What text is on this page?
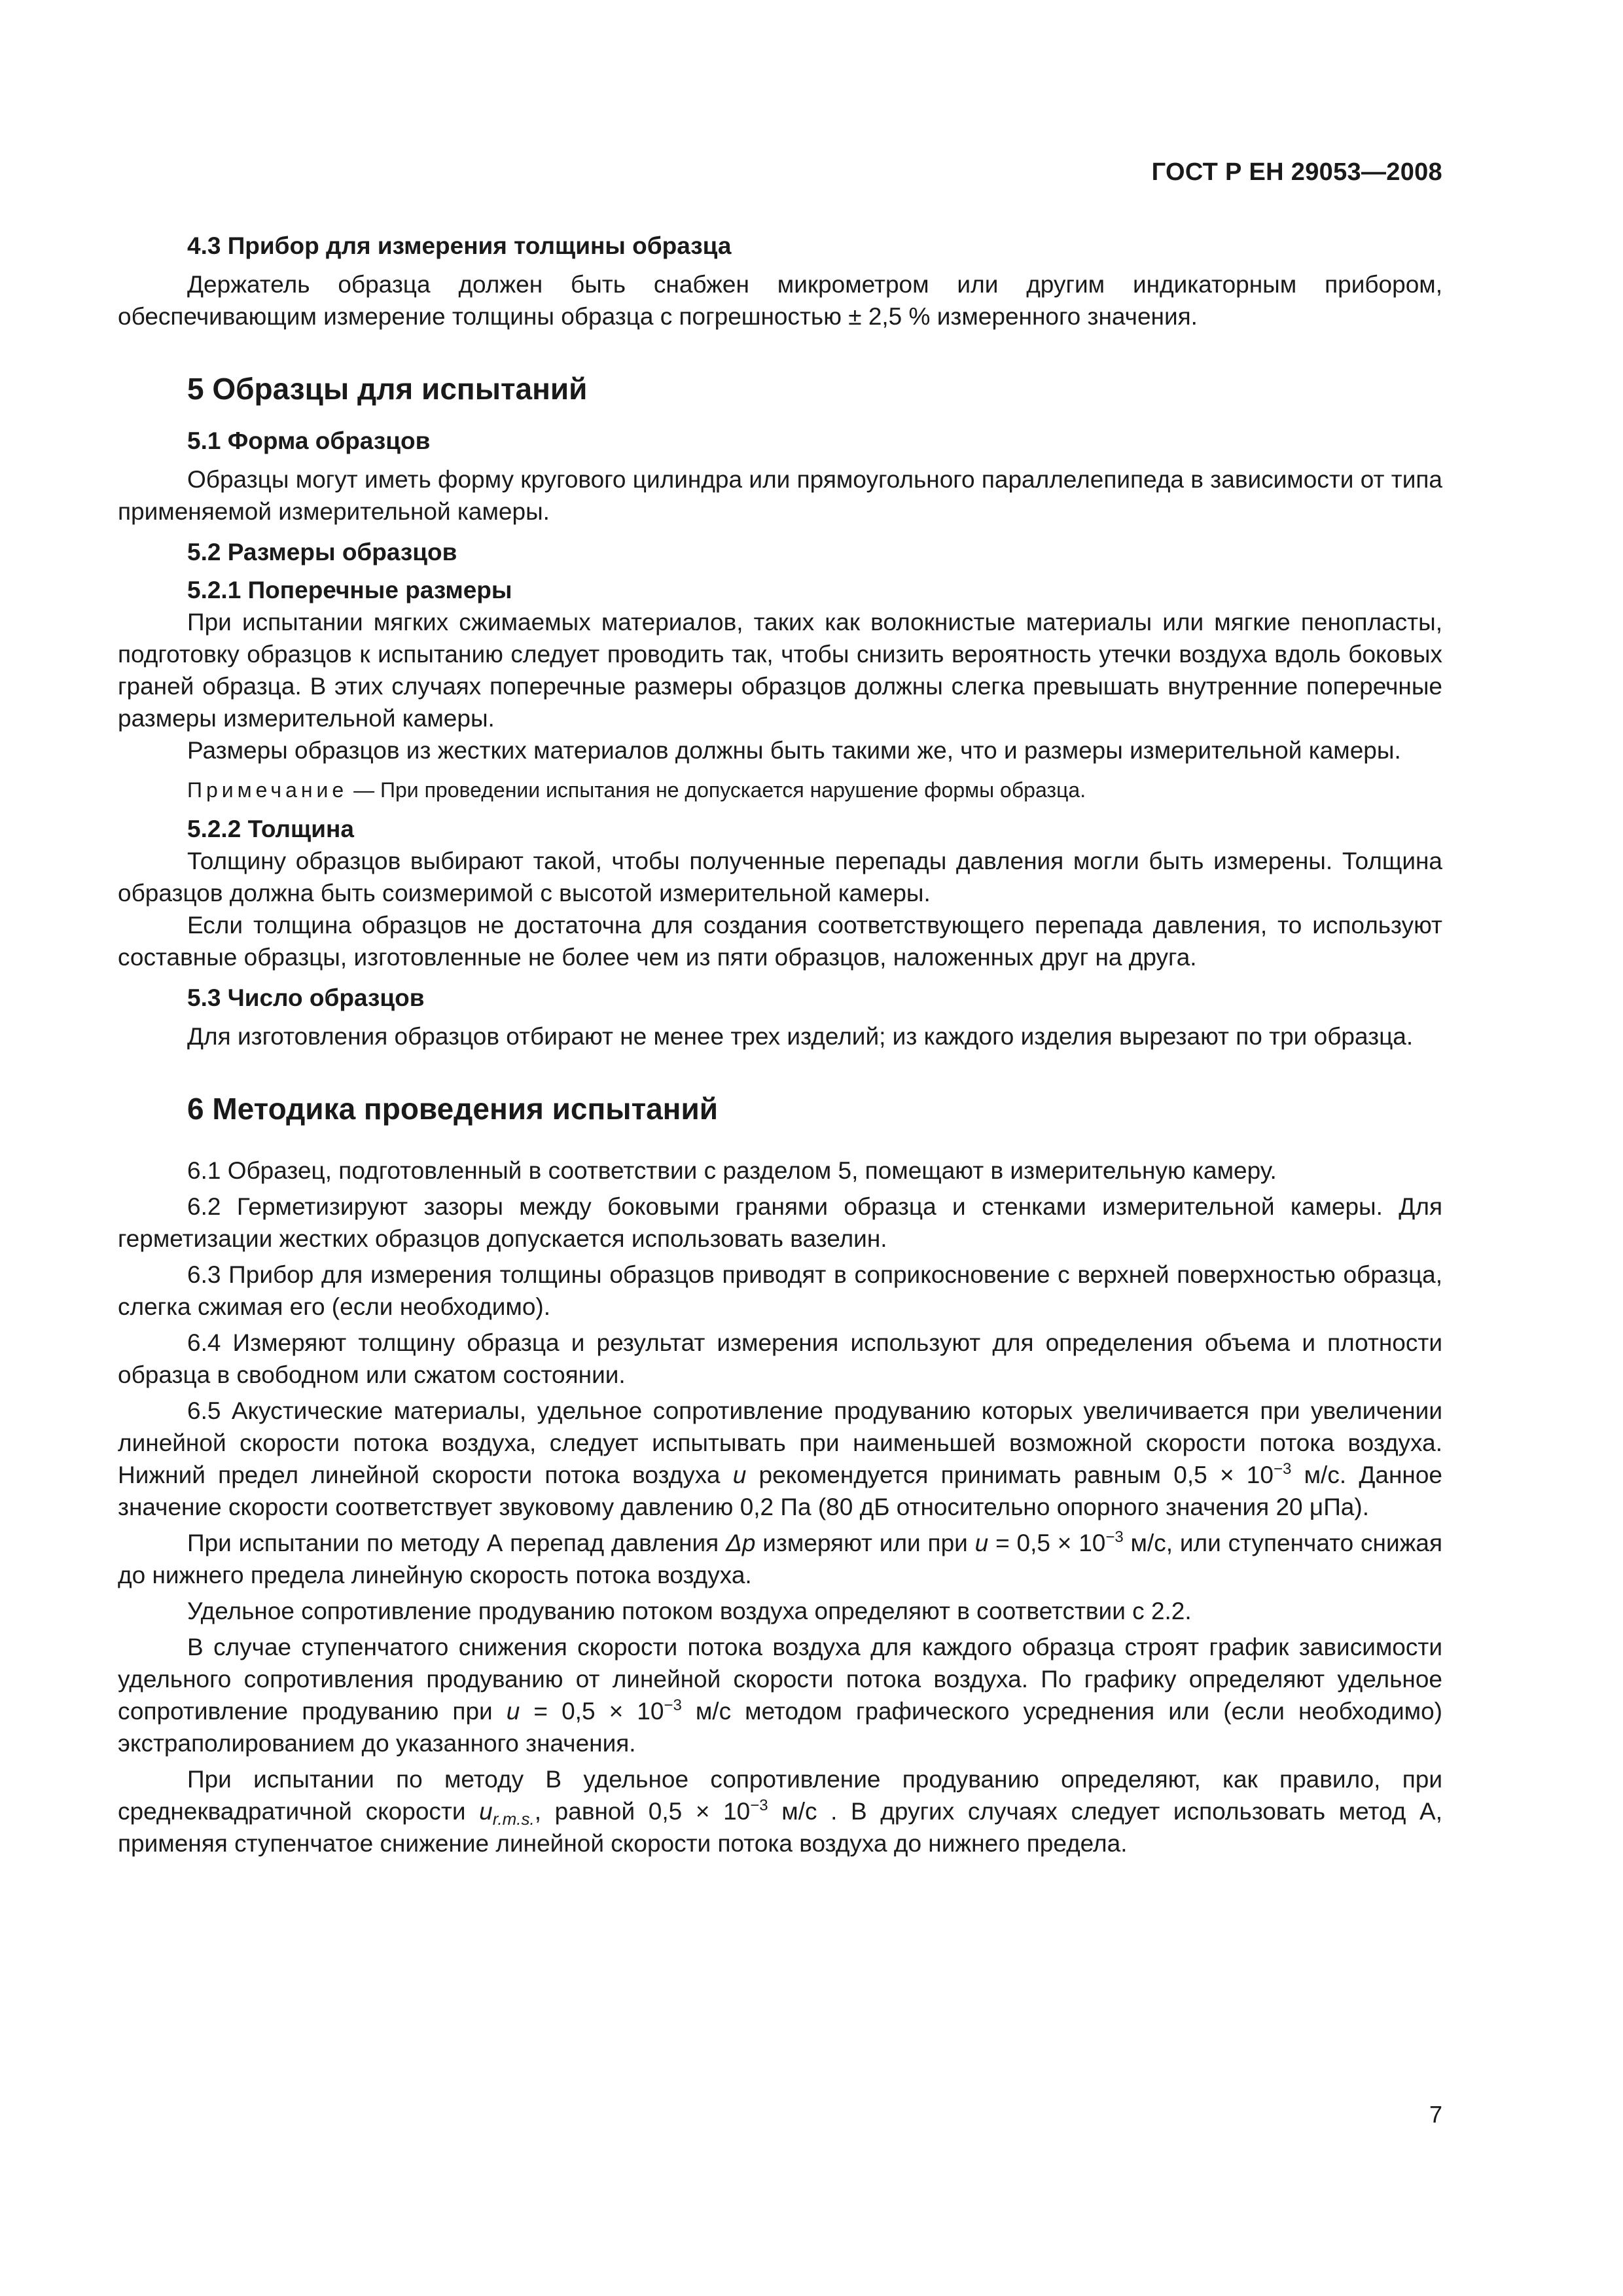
ГОСТ Р ЕН 29053—2008
4.3 Прибор для измерения толщины образца

Держатель образца должен быть снабжен микрометром или другим индикаторным прибором, обеспечивающим измерение толщины образца с погрешностью ± 2,5 % измеренного значения.

5 Образцы для испытаний
5.1 Форма образцов

Образцы могут иметь форму кругового цилиндра или прямоугольного параллелепипеда в зависимости от типа применяемой измерительной камеры.

5.2 Размеры образцов
5.2.1 Поперечные размеры

При испытании мягких сжимаемых материалов, таких как волокнистые материалы или мягкие пенопласты, подготовку образцов к испытанию следует проводить так, чтобы снизить вероятность утечки воздуха вдоль боковых граней образца. В этих случаях поперечные размеры образцов должны слегка превышать внутренние поперечные размеры измерительной камеры.

Размеры образцов из жестких материалов должны быть такими же, что и размеры измерительной камеры.

Примечание — При проведении испытания не допускается нарушение формы образца.

5.2.2 Толщина

Толщину образцов выбирают такой, чтобы полученные перепады давления могли быть измерены. Толщина образцов должна быть соизмеримой с высотой измерительной камеры.

Если толщина образцов не достаточна для создания соответствующего перепада давления, то используют составные образцы, изготовленные не более чем из пяти образцов, наложенных друг на друга.

5.3 Число образцов

Для изготовления образцов отбирают не менее трех изделий; из каждого изделия вырезают по три образца.

6 Методика проведения испытаний

6.1 Образец, подготовленный в соответствии с разделом 5, помещают в измерительную камеру.

6.2 Герметизируют зазоры между боковыми гранями образца и стенками измерительной камеры. Для герметизации жестких образцов допускается использовать вазелин.

6.3 Прибор для измерения толщины образцов приводят в соприкосновение с верхней поверхностью образца, слегка сжимая его (если необходимо).

6.4 Измеряют толщину образца и результат измерения используют для определения объема и плотности образца в свободном или сжатом состоянии.

6.5 Акустические материалы, удельное сопротивление продуванию которых увеличивается при увеличении линейной скорости потока воздуха, следует испытывать при наименьшей возможной скорости потока воздуха. Нижний предел линейной скорости потока воздуха u рекомендуется принимать равным $0,5 \times 10^{-3}$ м/с. Данное значение скорости соответствует звуковому давлению 0,2 Па (80 дБ относительно опорного значения 20 μПа).

При испытании по методу А перепад давления Δp измеряют или при $u = 0,5 \times 10^{-3}$ м/с, или ступенчато снижая до нижнего предела линейную скорость потока воздуха.

Удельное сопротивление продуванию потоком воздуха определяют в соответствии с 2.2.

В случае ступенчатого снижения скорости потока воздуха для каждого образца строят график зависимости удельного сопротивления продуванию от линейной скорости потока воздуха. По графику определяют удельное сопротивление продуванию при $u = 0,5 \times 10^{-3}$ м/с методом графического усреднения или (если необходимо) экстраполированием до указанного значения.

При испытании по методу В удельное сопротивление продуванию определяют, как правило, при среднеквадратичной скорости $u_{r.m.s.}$, равной $0,5 \times 10^{-3}$ м/с . В других случаях следует использовать метод А, применяя ступенчатое снижение линейной скорости потока воздуха до нижнего предела.

7
